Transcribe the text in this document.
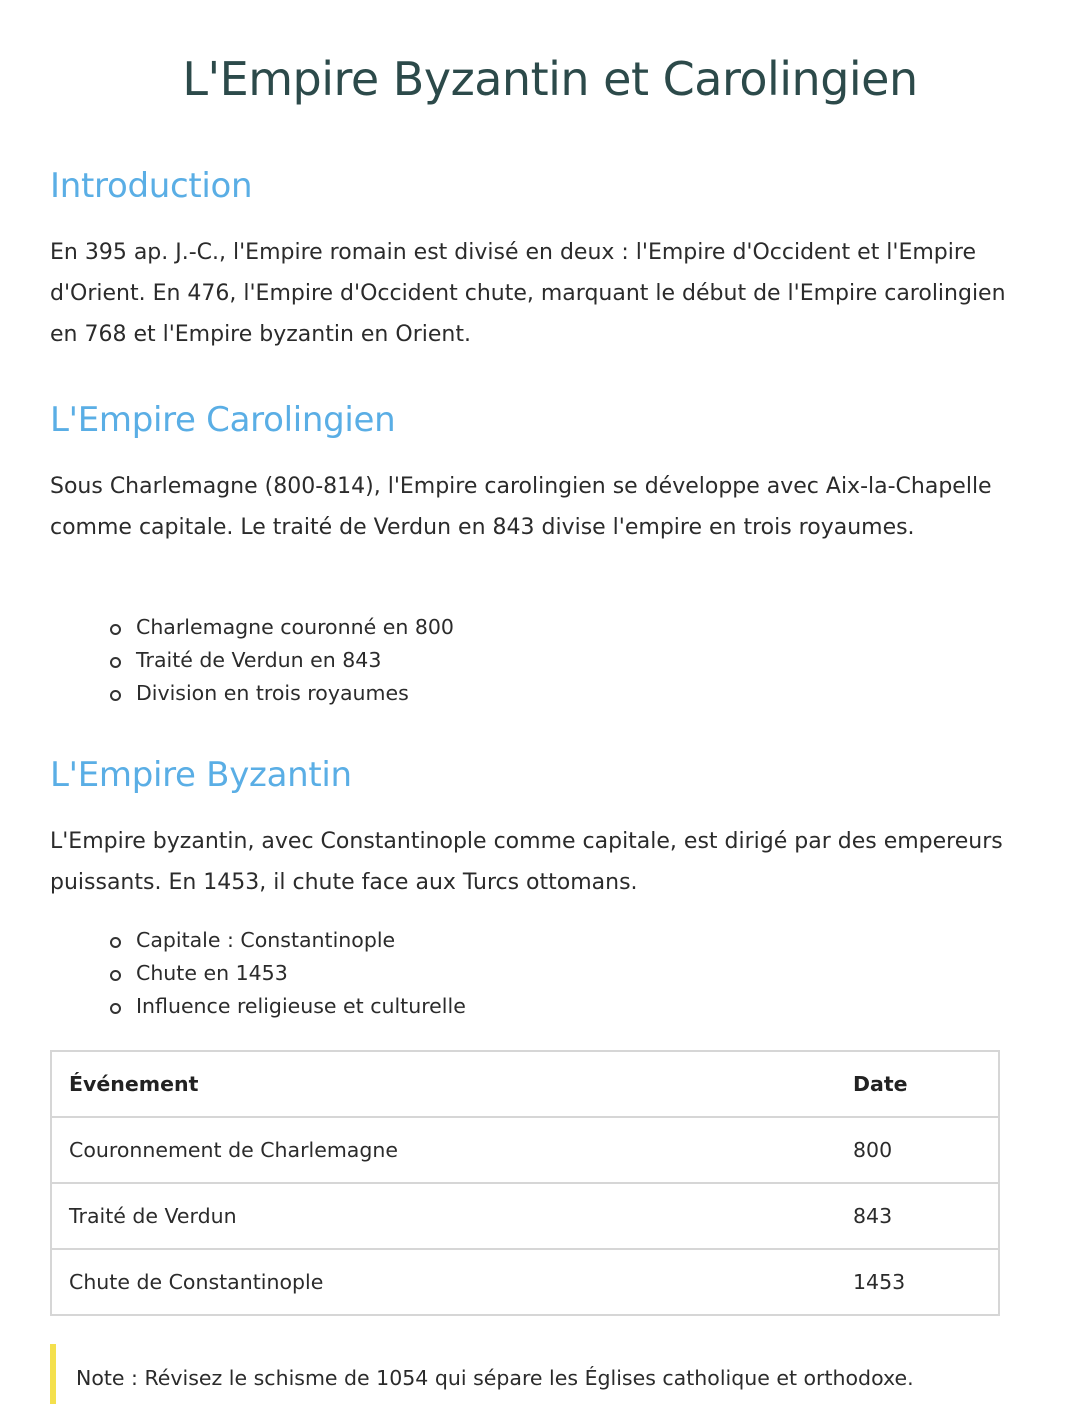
L'Empire Byzantin et Carolingien
Introduction

En 395 ap. J.-C., l'Empire romain est divisé en deux : l'Empire d'Occident et l'Empire d'Orient. En 476, l'Empire d'Occident chute, marquant le début de l'Empire carolingien en 768 et l'Empire byzantin en Orient.

L'Empire Carolingien

Sous Charlemagne (800-814), l'Empire carolingien se développe avec Aix-la-Chapelle comme capitale. Le traité de Verdun en 843 divise l'empire en trois royaumes.

Charlemagne couronné en 800
Traité de Verdun en 843
Division en trois royaumes
L'Empire Byzantin

L'Empire byzantin, avec Constantinople comme capitale, est dirigé par des empereurs puissants. En 1453, il chute face aux Turcs ottomans.

Capitale : Constantinople
Chute en 1453
Influence religieuse et culturelle
Événement	Date
Couronnement de Charlemagne	800
Traité de Verdun	843
Chute de Constantinople	1453
Note : Révisez le schisme de 1054 qui sépare les Églises catholique et orthodoxe.
